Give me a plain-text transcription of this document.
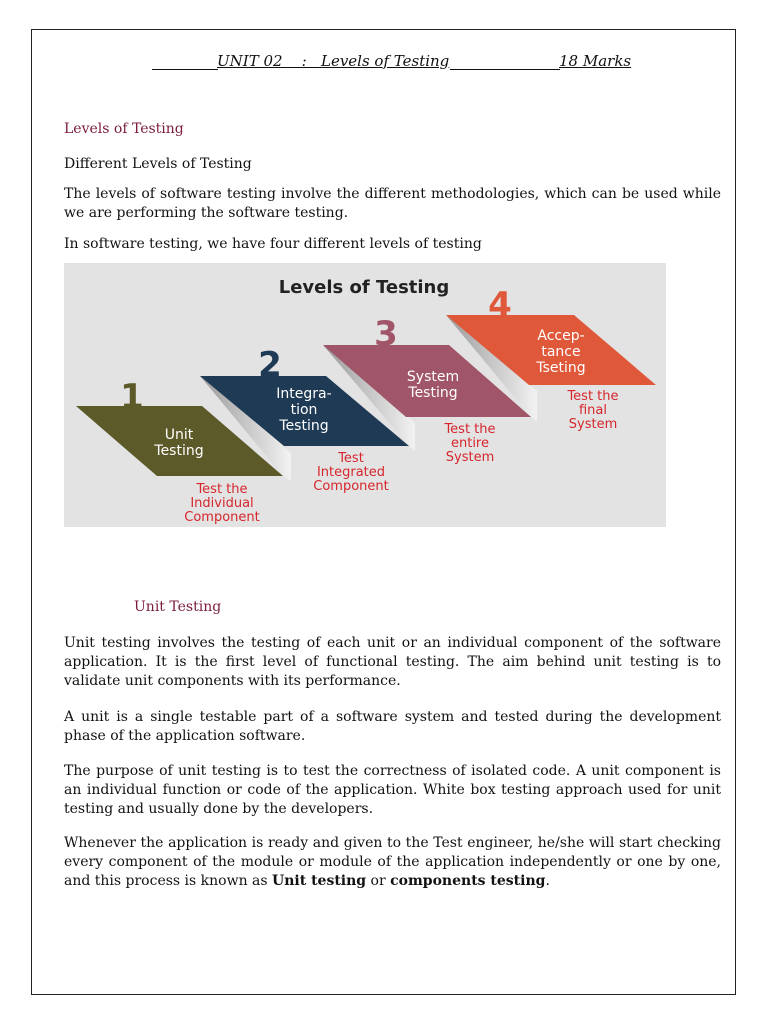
UNIT 02    :   Levels of Testing	18 Marks
Levels of Testing
Different Levels of Testing
The levels of software testing involve the different methodologies, which can be used while we are performing the software testing.
In software testing, we have four different levels of testing
Levels of Testing
1
Unit
Testing
Test the
Individual
Component
2
Integra-
tion
Testing
Test
Integrated
Component
3
System
Testing
Test the
entire
System
4
Accep-
tance
Tseting
Test the
final
System
Unit Testing
Unit testing involves the testing of each unit or an individual component of the software application. It is the first level of functional testing. The aim behind unit testing is to validate unit components with its performance.
A unit is a single testable part of a software system and tested during the development phase of the application software.
The purpose of unit testing is to test the correctness of isolated code. A unit component is an individual function or code of the application. White box testing approach used for unit testing and usually done by the developers.
Whenever the application is ready and given to the Test engineer, he/she will start checking every component of the module or module of the application independently or one by one, and this process is known as Unit testing or components testing.
